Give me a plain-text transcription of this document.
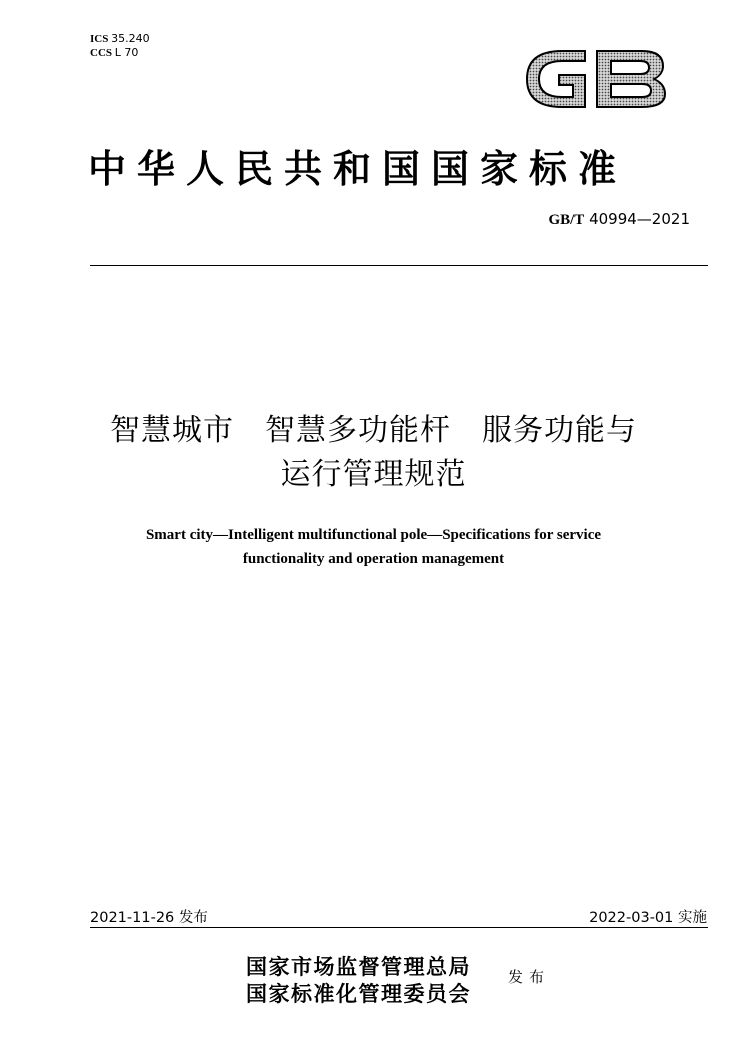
ICS 35.240
CCS L 70
GB
中华人民共和国国家标准
GB/T 40994—2021
智慧城市　智慧多功能杆　服务功能与
运行管理规范
Smart city—Intelligent multifunctional pole—Specifications for service
functionality and operation management
2021-11-26 发布	2022-03-01 实施
国家市场监督管理总局
国家标准化管理委员会
发布
